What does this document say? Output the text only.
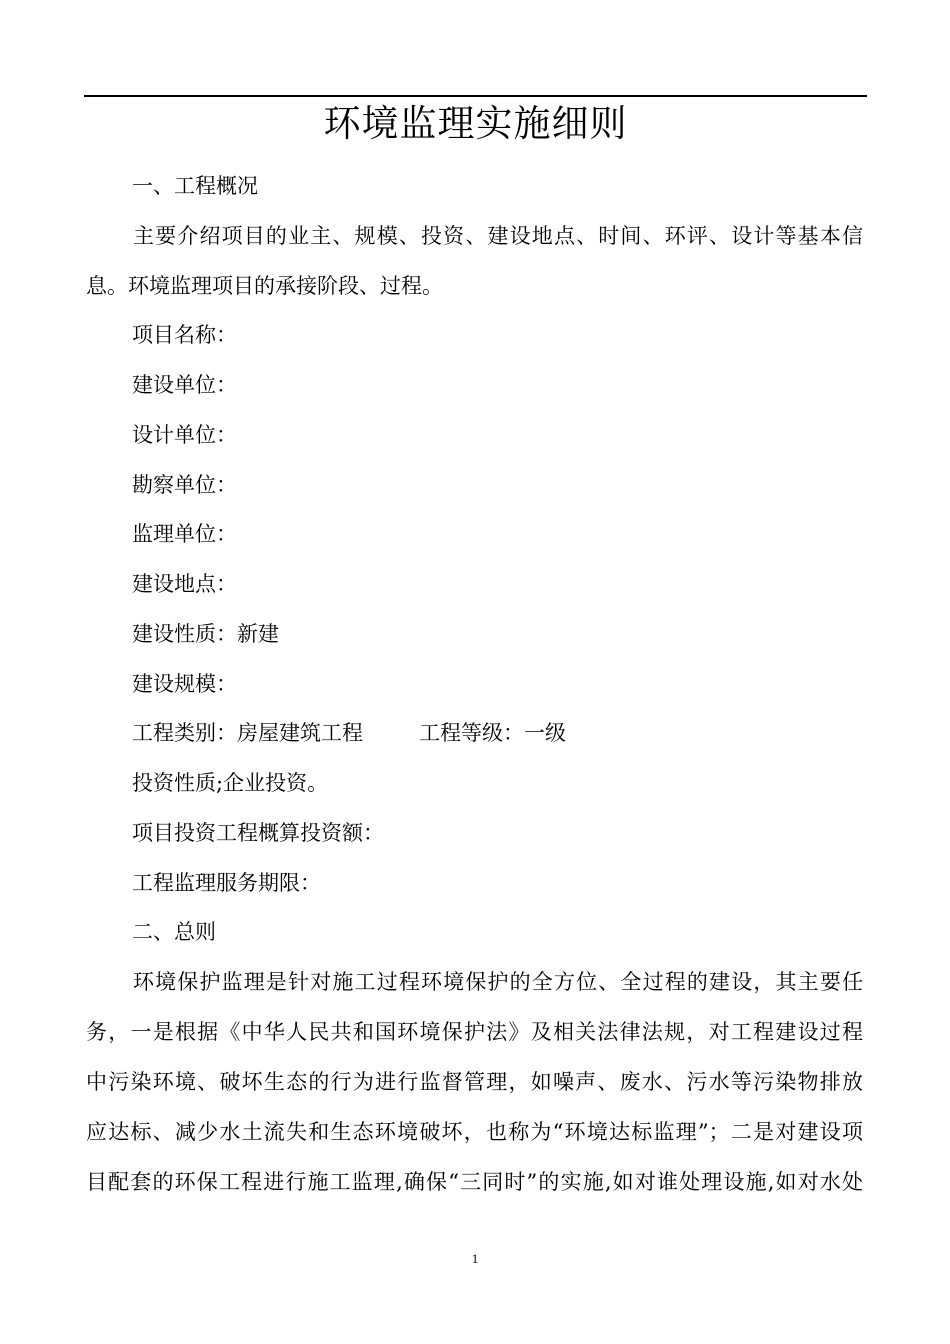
环境监理实施细则
一、工程概况
主要介绍项目的业主、规模、投资、建设地点、时间、环评、设计等基本信
息。环境监理项目的承接阶段、过程。
项目名称：
建设单位：
设计单位：
勘察单位：
监理单位：
建设地点：
建设性质：新建
建设规模：
工程类别：房屋建筑工程	工程等级：一级
投资性质;企业投资。
项目投资工程概算投资额：
工程监理服务期限：
二、总则
环境保护监理是针对施工过程环境保护的全方位、全过程的建设，其主要任
务，一是根据《中华人民共和国环境保护法》及相关法律法规，对工程建设过程
中污染环境、破坏生态的行为进行监督管理，如噪声、废水、污水等污染物排放
应达标、减少水土流失和生态环境破坏，也称为“环境达标监理”；二是对建设项
目配套的环保工程进行施工监理,确保“三同时”的实施,如对谁处理设施,如对水处
1
